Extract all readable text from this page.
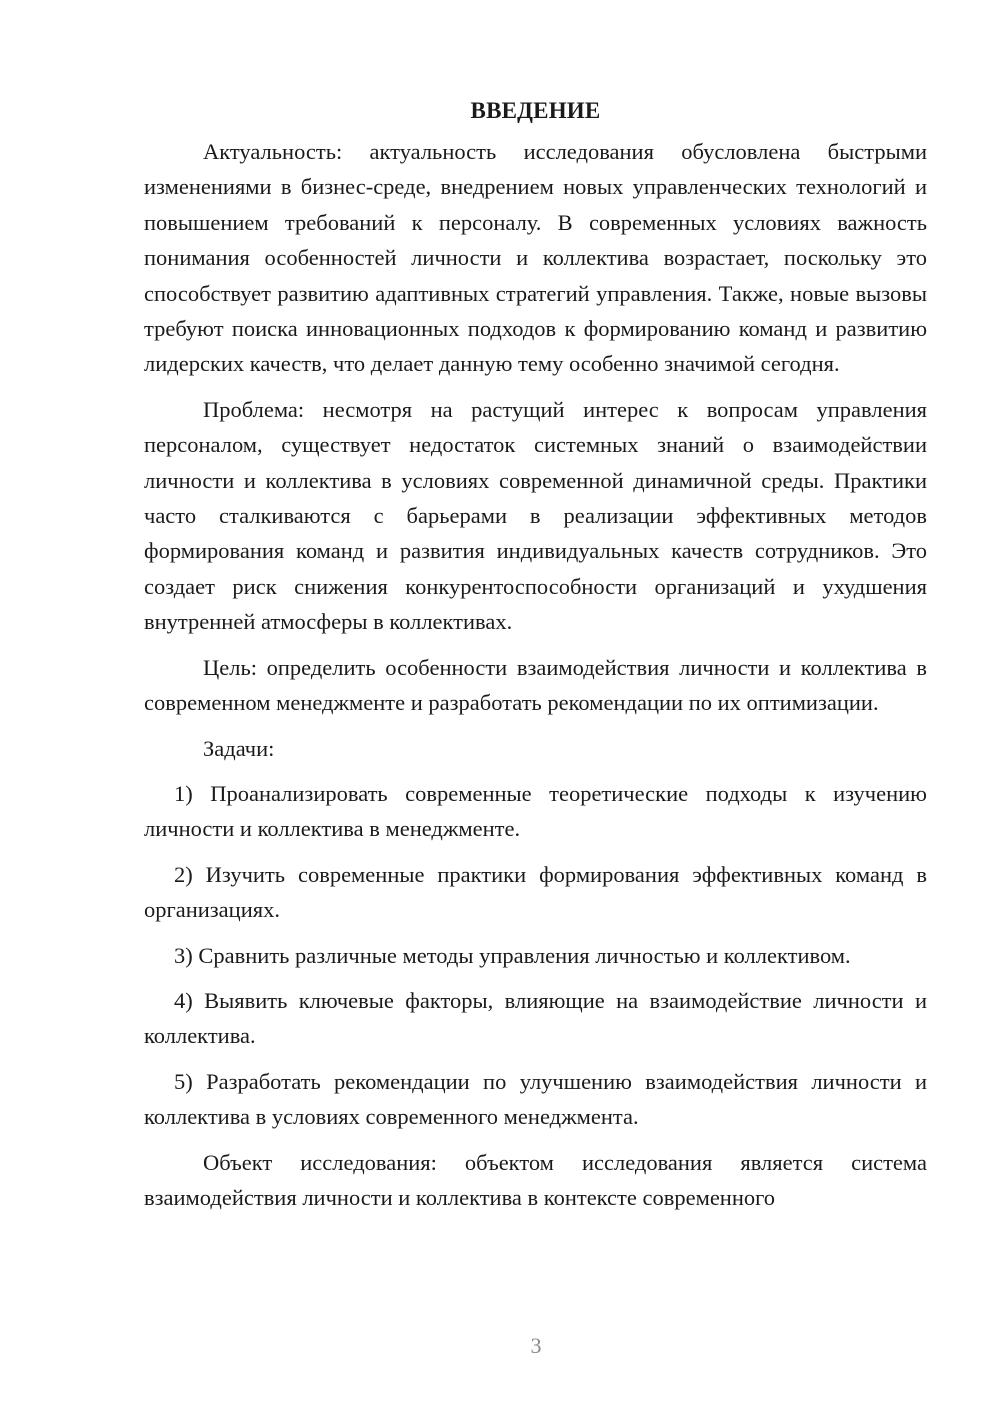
ВВЕДЕНИЕ

Актуальность: актуальность исследования обусловлена быстрыми изменениями в бизнес-среде, внедрением новых управленческих технологий и повышением требований к персоналу. В современных условиях важность понимания особенностей личности и коллектива возрастает, поскольку это способствует развитию адаптивных стратегий управления. Также, новые вызовы требуют поиска инновационных подходов к формированию команд и развитию лидерских качеств, что делает данную тему особенно значимой сегодня.

Проблема: несмотря на растущий интерес к вопросам управления персоналом, существует недостаток системных знаний о взаимодействии личности и коллектива в условиях современной динамичной среды. Практики часто сталкиваются с барьерами в реализации эффективных методов формирования команд и развития индивидуальных качеств сотрудников. Это создает риск снижения конкурентоспособности организаций и ухудшения внутренней атмосферы в коллективах.

Цель: определить особенности взаимодействия личности и коллектива в современном менеджменте и разработать рекомендации по их оптимизации.

Задачи:

1) Проанализировать современные теоретические подходы к изучению личности и коллектива в менеджменте.

2) Изучить современные практики формирования эффективных команд в организациях.

3) Сравнить различные методы управления личностью и коллективом.

4) Выявить ключевые факторы, влияющие на взаимодействие личности и коллектива.

5) Разработать рекомендации по улучшению взаимодействия личности и коллектива в условиях современного менеджмента.

Объект исследования: объектом исследования является система взаимодействия личности и коллектива в контексте современного

3
